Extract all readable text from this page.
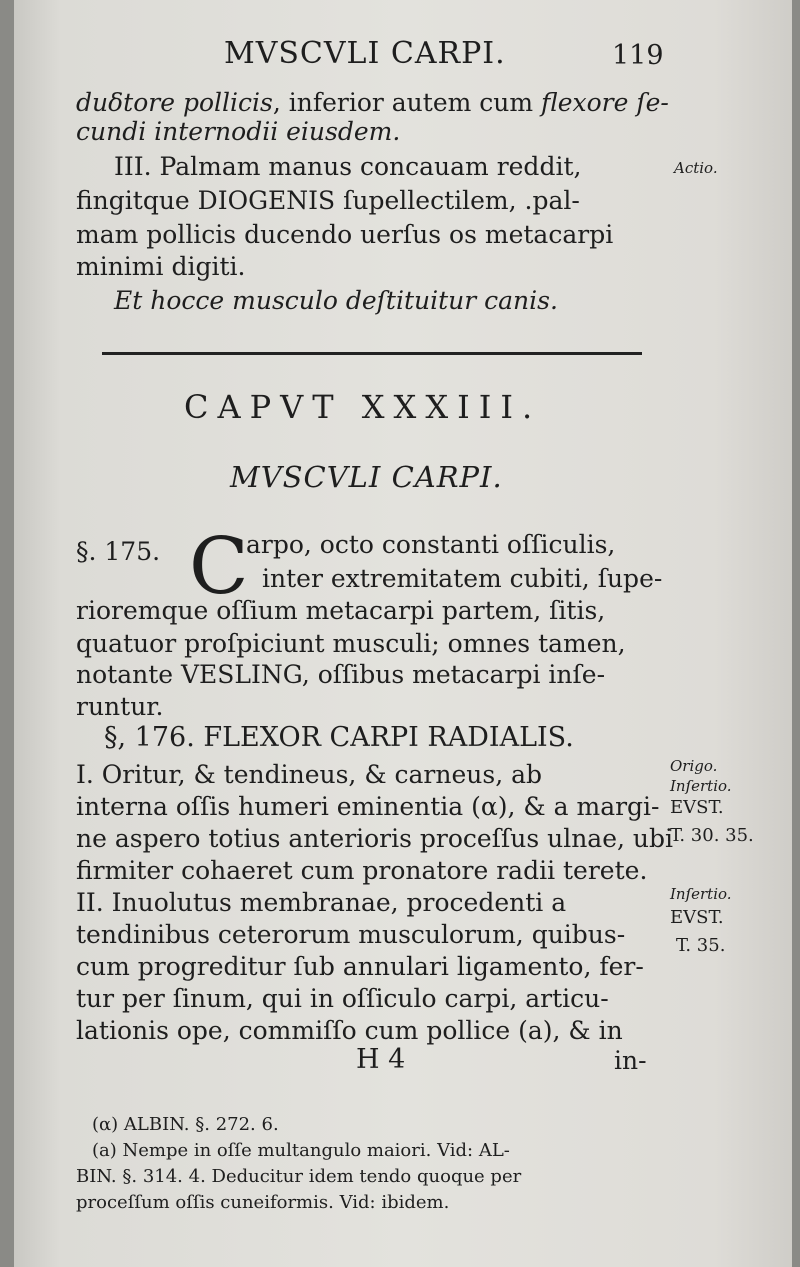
MVSCVLI CARPI.	119
duδtore pollicis, inferior autem cum flexore ſe-
cundi internodii eiusdem.
III. Palmam manus concauam reddit,
fingitque DIOGENIS ſupellectilem, .pal-
mam pollicis ducendo uerſus os metacarpi
minimi digiti.
Et hocce musculo deſtituitur canis.
Actio.
CAPVT XXXIII.
MVSCVLI CARPI.
§. 175. C
arpo, octo constanti oſſiculis,
inter extremitatem cubiti, ſupe-
rioremque oſſium metacarpi partem, ſitis,
quatuor proſpiciunt musculi; omnes tamen,
notante VESLING, oſſibus metacarpi inſe-
runtur.
§, 176. FLEXOR CARPI RADIALIS.
I. Oritur, & tendineus, & carneus, ab
interna oſſis humeri eminentia (α), & a margi-
ne aspero totius anterioris proceſſus ulnae, ubi
firmiter cohaeret cum pronatore radii terete.
II. Inuolutus membranae, procedenti a
tendinibus ceterorum musculorum, quibus-
cum progreditur ſub annulari ligamento, fer-
tur per ſinum, qui in oſſiculo carpi, articu-
lationis ope, commiſſo cum pollice (a), & in
Origo.
Inſertio.
EVST.
T. 30. 35.
Inſertio.
EVST.
T. 35.
H 4	in-
(α) ALBIN. §. 272. 6.
(a) Nempe in oſſe multangulo maiori. Vid: AL-
BIN. §. 314. 4. Deducitur idem tendo quoque per
proceſſum oſſis cuneiformis. Vid: ibidem.
